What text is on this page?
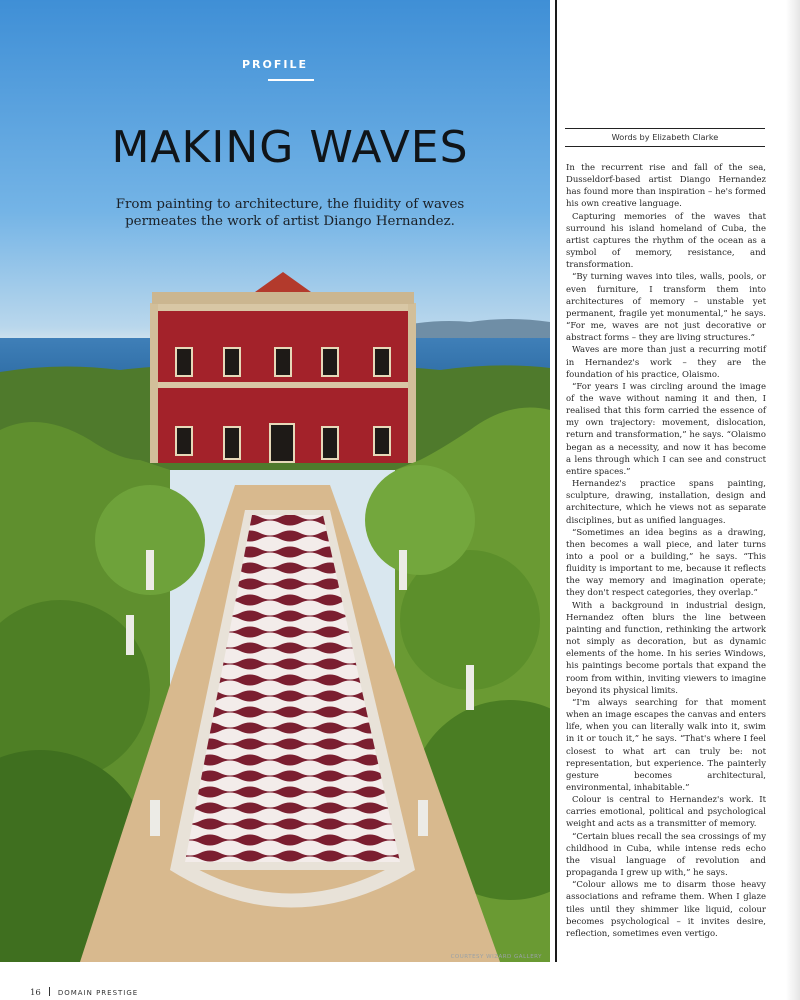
PROFILE
MAKING WAVES
From painting to architecture, the fluidity of waves permeates the work of artist Diango Hernandez.
COURTESY WIZARD GALLERY
Words by Elizabeth Clarke

In the recurrent rise and fall of the sea, Dusseldorf-based artist Diango Hernandez has found more than inspiration – he's formed his own creative language.

Capturing memories of the waves that surround his island homeland of Cuba, the artist captures the rhythm of the ocean as a symbol of memory, resistance, and transformation.

“By turning waves into tiles, walls, pools, or even furniture, I transform them into architectures of memory – unstable yet permanent, fragile yet monumental,” he says. “For me, waves are not just decorative or abstract forms – they are living structures.”

Waves are more than just a recurring motif in Hernandez's work – they are the foundation of his practice, Olaismo.

“For years I was circling around the image of the wave without naming it and then, I realised that this form carried the essence of my own trajectory: movement, dislocation, return and transformation,” he says. “Olaismo began as a necessity, and now it has become a lens through which I can see and construct entire spaces.”

Hernandez's practice spans painting, sculpture, drawing, installation, design and architecture, which he views not as separate disciplines, but as unified languages.

“Sometimes an idea begins as a drawing, then becomes a wall piece, and later turns into a pool or a building,” he says. “This fluidity is important to me, because it reflects the way memory and imagination operate; they don't respect categories, they overlap.”

With a background in industrial design, Hernandez often blurs the line between painting and function, rethinking the artwork not simply as decoration, but as dynamic elements of the home. In his series Windows, his paintings become portals that expand the room from within, inviting viewers to imagine beyond its physical limits.

“I'm always searching for that moment when an image escapes the canvas and enters life, when you can literally walk into it, swim in it or touch it,” he says. “That's where I feel closest to what art can truly be: not representation, but experience. The painterly gesture becomes architectural, environmental, inhabitable.”

Colour is central to Hernandez's work. It carries emotional, political and psychological weight and acts as a transmitter of memory.

“Certain blues recall the sea crossings of my childhood in Cuba, while intense reds echo the visual language of revolution and propaganda I grew up with,” he says.

“Colour allows me to disarm those heavy associations and reframe them. When I glaze tiles until they shimmer like liquid, colour becomes psychological – it invites desire, reflection, sometimes even vertigo.

16 DOMAIN PRESTIGE
